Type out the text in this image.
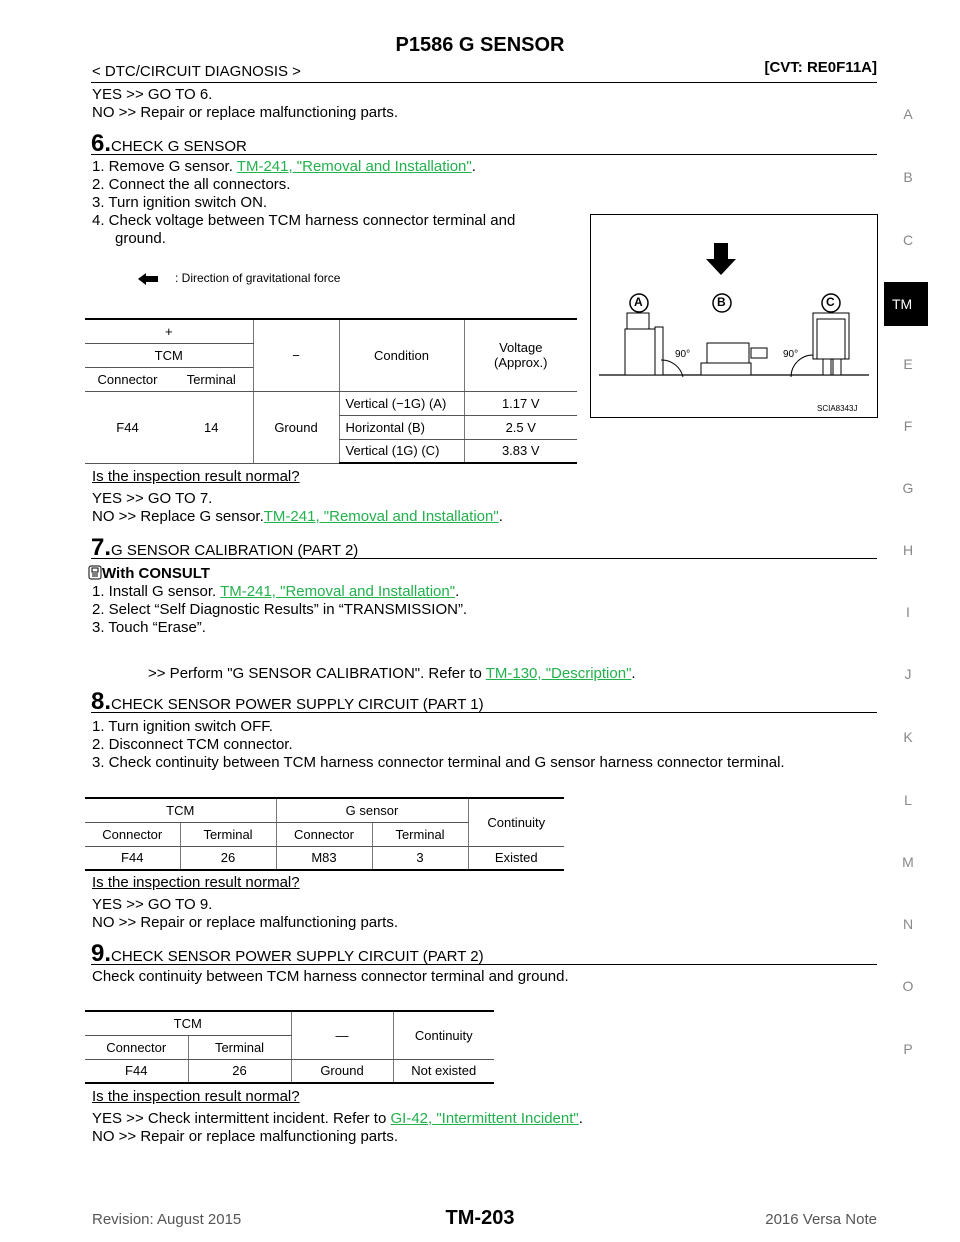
P1586 G SENSOR
< DTC/CIRCUIT DIAGNOSIS >	[CVT: RE0F11A]
A
B
C
TM
E
F
G
H
I
J
K
L
M
N
O
P
YES >> GO TO 6.
NO >> Repair or replace malfunctioning parts.
6.CHECK G SENSOR
1. Remove G sensor. TM-241, "Removal and Installation".
2. Connect the all connectors.
3. Turn ignition switch ON.
4. Check voltage between TCM harness connector terminal and
ground.
: Direction of gravitational force
+		−	Condition	Voltage
(Approx.)
TCM				
Connector	Terminal			
F44	14	Ground	Vertical (−1G) (A)	1.17 V
			Horizontal (B)	2.5 V
			Vertical (1G) (C)	3.83 V
A	B	C
90°	90°
SCIA8343J
Is the inspection result normal?
YES >> GO TO 7.
NO >> Replace G sensor.TM-241, "Removal and Installation".
7.G SENSOR CALIBRATION (PART 2)
With CONSULT
1. Install G sensor. TM-241, "Removal and Installation".
2. Select “Self Diagnostic Results” in “TRANSMISSION”.
3. Touch “Erase”.
>> Perform "G SENSOR CALIBRATION". Refer to TM-130, "Description".
8.CHECK SENSOR POWER SUPPLY CIRCUIT (PART 1)
1. Turn ignition switch OFF.
2. Disconnect TCM connector.
3. Check continuity between TCM harness connector terminal and G sensor harness connector terminal.
TCM		G sensor		Continuity
Connector	Terminal	Connector	Terminal	
F44	26	M83	3	Existed
Is the inspection result normal?
YES >> GO TO 9.
NO >> Repair or replace malfunctioning parts.
9.CHECK SENSOR POWER SUPPLY CIRCUIT (PART 2)
Check continuity between TCM harness connector terminal and ground.
TCM		—	Continuity
Connector	Terminal		
F44	26	Ground	Not existed
Is the inspection result normal?
YES >> Check intermittent incident. Refer to GI-42, "Intermittent Incident".
NO >> Repair or replace malfunctioning parts.
Revision: August 2015	TM-203	2016 Versa Note
